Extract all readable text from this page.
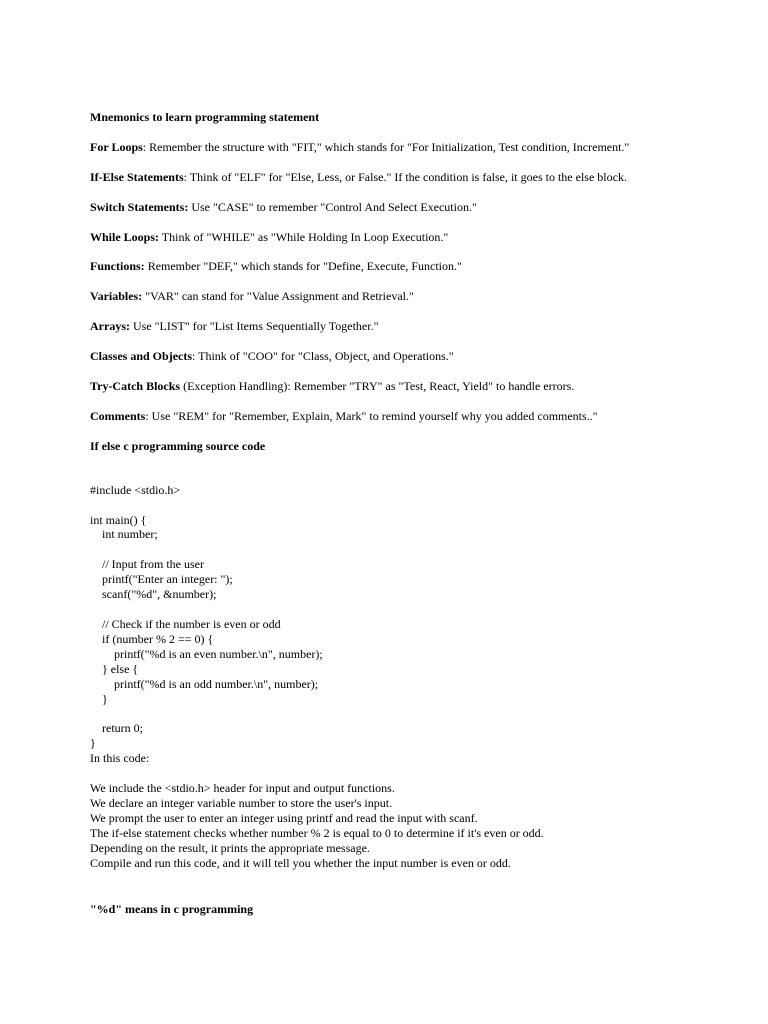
Mnemonics to learn programming statement
For Loops: Remember the structure with "FIT," which stands for "For Initialization, Test condition, Increment."
If-Else Statements: Think of "ELF" for "Else, Less, or False." If the condition is false, it goes to the else block.
Switch Statements: Use "CASE" to remember "Control And Select Execution."
While Loops: Think of "WHILE" as "While Holding In Loop Execution."
Functions: Remember "DEF," which stands for "Define, Execute, Function."
Variables: "VAR" can stand for "Value Assignment and Retrieval."
Arrays: Use "LIST" for "List Items Sequentially Together."
Classes and Objects: Think of "COO" for "Class, Object, and Operations."
Try-Catch Blocks (Exception Handling): Remember "TRY" as "Test, React, Yield" to handle errors.
Comments: Use "REM" for "Remember, Explain, Mark" to remind yourself why you added comments.."
If else c programming source code
#include <stdio.h>
int main() {
int number;
// Input from the user
printf("Enter an integer: ");
scanf("%d", &number);
// Check if the number is even or odd
if (number % 2 == 0) {
printf("%d is an even number.\n", number);
} else {
printf("%d is an odd number.\n", number);
}
return 0;
}
In this code:
We include the <stdio.h> header for input and output functions.
We declare an integer variable number to store the user's input.
We prompt the user to enter an integer using printf and read the input with scanf.
The if-else statement checks whether number % 2 is equal to 0 to determine if it's even or odd.
Depending on the result, it prints the appropriate message.
Compile and run this code, and it will tell you whether the input number is even or odd.
"%d" means in c programming
